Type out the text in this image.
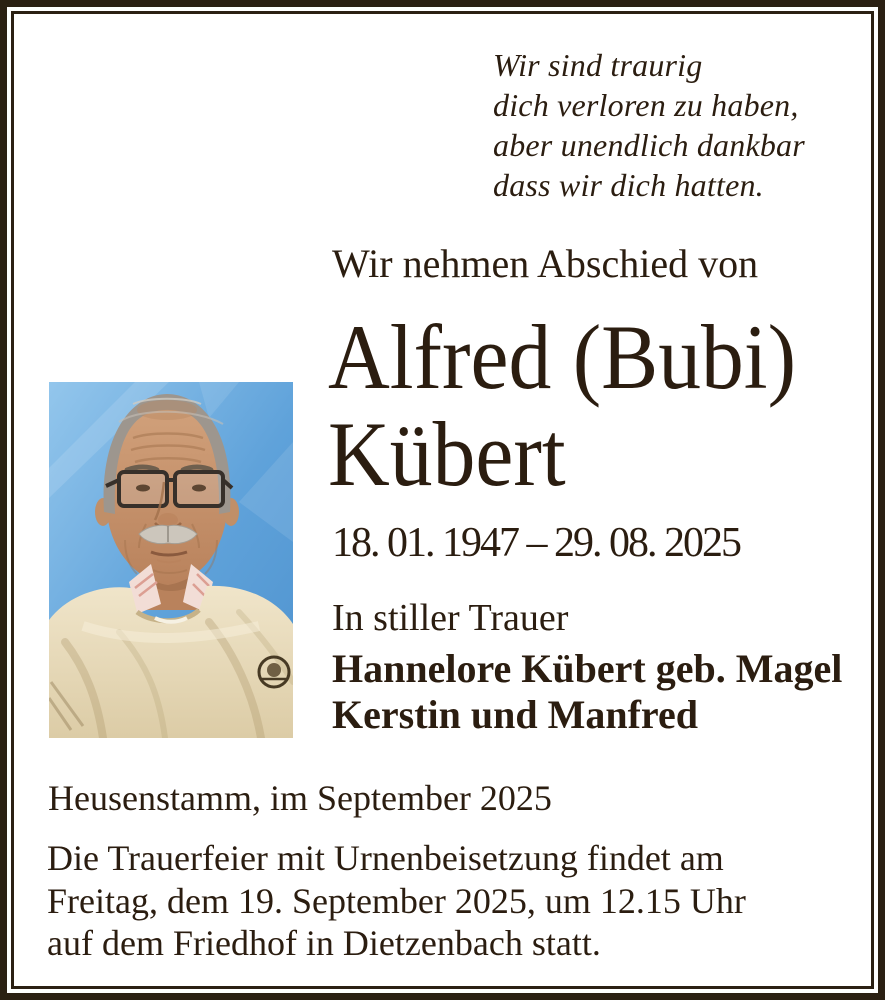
Wir sind traurig
dich verloren zu haben,
aber unendlich dankbar
dass wir dich hatten.
Wir nehmen Abschied von
Alfred (Bubi)
Kübert
18. 01. 1947 – 29. 08. 2025
In stiller Trauer
Hannelore Kübert geb. Magel
Kerstin und Manfred
Heusenstamm, im September 2025
Die Trauerfeier mit Urnenbeisetzung findet am
Freitag, dem 19. September 2025, um 12.15 Uhr
auf dem Friedhof in Dietzenbach statt.
